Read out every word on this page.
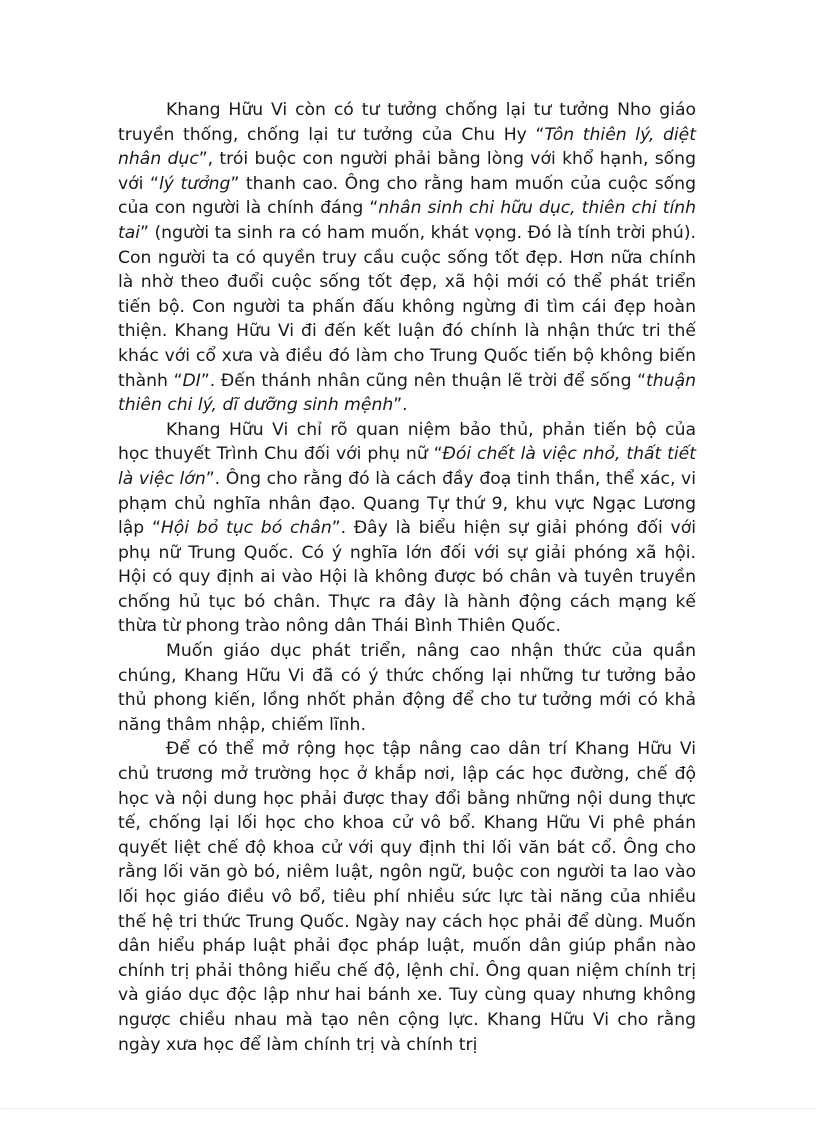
Khang Hữu Vi còn có tư tưởng chống lại tư tưởng Nho giáo truyền thống, chống lại tư tưởng của Chu Hy “Tôn thiên lý, diệt nhân dục”, trói buộc con người phải bằng lòng với khổ hạnh, sống với “lý tưởng” thanh cao. Ông cho rằng ham muốn của cuộc sống của con người là chính đáng “nhân sinh chi hữu dục, thiên chi tính tai” (người ta sinh ra có ham muốn, khát vọng. Đó là tính trời phú). Con người ta có quyền truy cầu cuộc sống tốt đẹp. Hơn nữa chính là nhờ theo đuổi cuộc sống tốt đẹp, xã hội mới có thể phát triển tiến bộ. Con người ta phấn đấu không ngừng đi tìm cái đẹp hoàn thiện. Khang Hữu Vi đi đến kết luận đó chính là nhận thức tri thế khác với cổ xưa và điều đó làm cho Trung Quốc tiến bộ không biến thành “DI”. Đến thánh nhân cũng nên thuận lẽ trời để sống “thuận thiên chi lý, dĩ dưỡng sinh mệnh”.

Khang Hữu Vi chỉ rõ quan niệm bảo thủ, phản tiến bộ của học thuyết Trình Chu đối với phụ nữ “Đói chết là việc nhỏ, thất tiết là việc lớn”. Ông cho rằng đó là cách đầy đoạ tinh thần, thể xác, vi phạm chủ nghĩa nhân đạo. Quang Tự thứ 9, khu vực Ngạc Lương lập “Hội bỏ tục bó chân”. Đây là biểu hiện sự giải phóng đối với phụ nữ Trung Quốc. Có ý nghĩa lớn đối với sự giải phóng xã hội. Hội có quy định ai vào Hội là không được bó chân và tuyên truyền chống hủ tục bó chân. Thực ra đây là hành động cách mạng kế thừa từ phong trào nông dân Thái Bình Thiên Quốc.

Muốn giáo dục phát triển, nâng cao nhận thức của quần chúng, Khang Hữu Vi đã có ý thức chống lại những tư tưởng bảo thủ phong kiến, lồng nhốt phản động để cho tư tưởng mới có khả năng thâm nhập, chiếm lĩnh.

Để có thể mở rộng học tập nâng cao dân trí Khang Hữu Vi chủ trương mở trường học ở khắp nơi, lập các học đường, chế độ học và nội dung học phải được thay đổi bằng những nội dung thực tế, chống lại lối học cho khoa cử vô bổ. Khang Hữu Vi phê phán quyết liệt chế độ khoa cử với quy định thi lối văn bát cổ. Ông cho rằng lối văn gò bó, niêm luật, ngôn ngữ, buộc con người ta lao vào lối học giáo điều vô bổ, tiêu phí nhiều sức lực tài năng của nhiều thế hệ tri thức Trung Quốc. Ngày nay cách học phải để dùng. Muốn dân hiểu pháp luật phải đọc pháp luật, muốn dân giúp phần nào chính trị phải thông hiểu chế độ, lệnh chỉ. Ông quan niệm chính trị và giáo dục độc lập như hai bánh xe. Tuy cùng quay nhưng không ngược chiều nhau mà tạo nên cộng lực. Khang Hữu Vi cho rằng ngày xưa học để làm chính trị và chính trị
